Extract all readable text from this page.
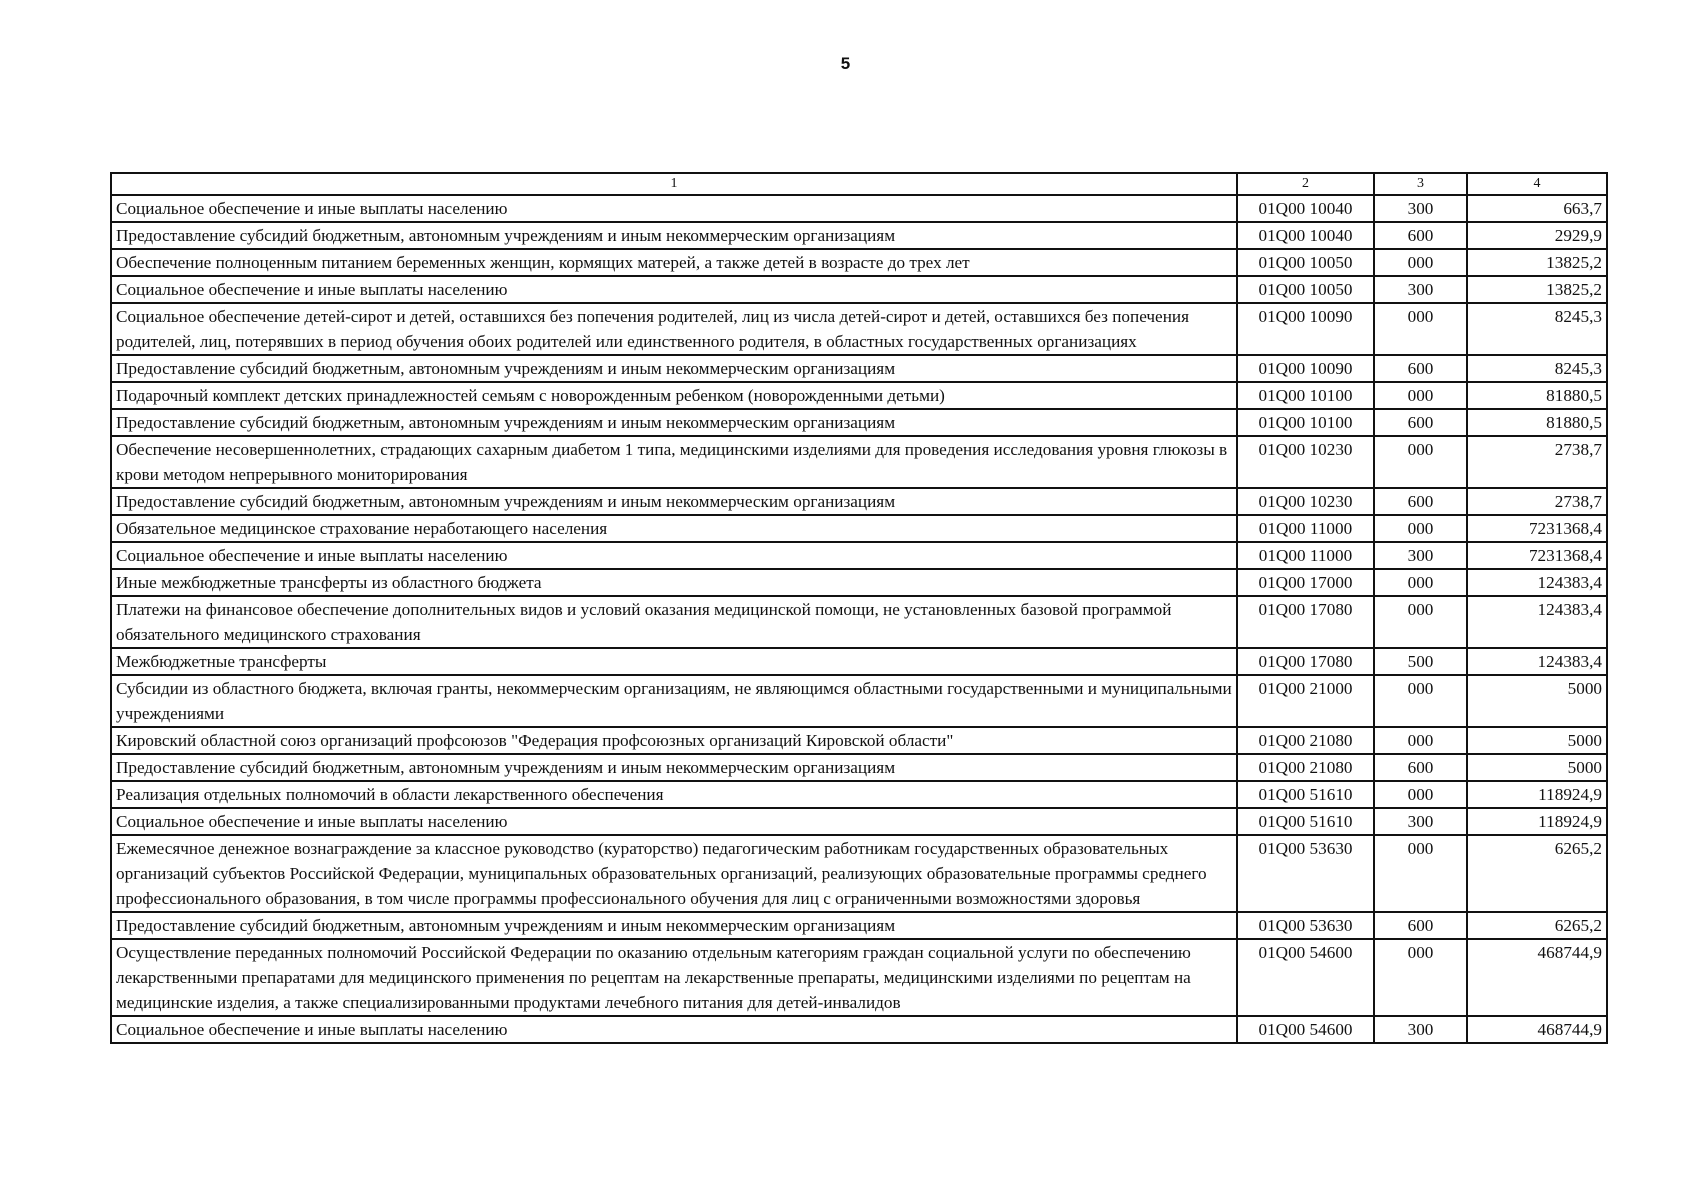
5
1	2	3	4
Социальное обеспечение и иные выплаты населению	01Q00 10040	300	663,7
Предоставление субсидий бюджетным, автономным учреждениям и иным некоммерческим организациям	01Q00 10040	600	2929,9
Обеспечение полноценным питанием беременных женщин, кормящих матерей, а также детей в возрасте до трех лет	01Q00 10050	000	13825,2
Социальное обеспечение и иные выплаты населению	01Q00 10050	300	13825,2
Социальное обеспечение детей-сирот и детей, оставшихся без попечения родителей, лиц из числа детей-сирот и детей, оставшихся без попечения родителей, лиц, потерявших в период обучения обоих родителей или единственного родителя, в областных государственных организациях	01Q00 10090	000	8245,3
Предоставление субсидий бюджетным, автономным учреждениям и иным некоммерческим организациям	01Q00 10090	600	8245,3
Подарочный комплект детских принадлежностей семьям с новорожденным ребенком (новорожденными детьми)	01Q00 10100	000	81880,5
Предоставление субсидий бюджетным, автономным учреждениям и иным некоммерческим организациям	01Q00 10100	600	81880,5
Обеспечение несовершеннолетних, страдающих сахарным диабетом 1 типа, медицинскими изделиями для проведения исследования уровня глюкозы в крови методом непрерывного мониторирования	01Q00 10230	000	2738,7
Предоставление субсидий бюджетным, автономным учреждениям и иным некоммерческим организациям	01Q00 10230	600	2738,7
Обязательное медицинское страхование неработающего населения	01Q00 11000	000	7231368,4
Социальное обеспечение и иные выплаты населению	01Q00 11000	300	7231368,4
Иные межбюджетные трансферты из областного бюджета	01Q00 17000	000	124383,4
Платежи на финансовое обеспечение дополнительных видов и условий оказания медицинской помощи, не установленных базовой программой обязательного медицинского страхования	01Q00 17080	000	124383,4
Межбюджетные трансферты	01Q00 17080	500	124383,4
Субсидии из областного бюджета, включая гранты, некоммерческим организациям, не являющимся областными государственными и муниципальными учреждениями	01Q00 21000	000	5000
Кировский областной союз организаций профсоюзов "Федерация профсоюзных организаций Кировской области"	01Q00 21080	000	5000
Предоставление субсидий бюджетным, автономным учреждениям и иным некоммерческим организациям	01Q00 21080	600	5000
Реализация отдельных полномочий в области лекарственного обеспечения	01Q00 51610	000	118924,9
Социальное обеспечение и иные выплаты населению	01Q00 51610	300	118924,9
Ежемесячное денежное вознаграждение за классное руководство (кураторство) педагогическим работникам государственных образовательных организаций субъектов Российской Федерации, муниципальных образовательных организаций, реализующих образовательные программы среднего профессионального образования, в том числе программы профессионального обучения для лиц с ограниченными возможностями здоровья	01Q00 53630	000	6265,2
Предоставление субсидий бюджетным, автономным учреждениям и иным некоммерческим организациям	01Q00 53630	600	6265,2
Осуществление переданных полномочий Российской Федерации по оказанию отдельным категориям граждан социальной услуги по обеспечению лекарственными препаратами для медицинского применения по рецептам на лекарственные препараты, медицинскими изделиями по рецептам на медицинские изделия, а также специализированными продуктами лечебного питания для детей-инвалидов	01Q00 54600	000	468744,9
Социальное обеспечение и иные выплаты населению	01Q00 54600	300	468744,9
